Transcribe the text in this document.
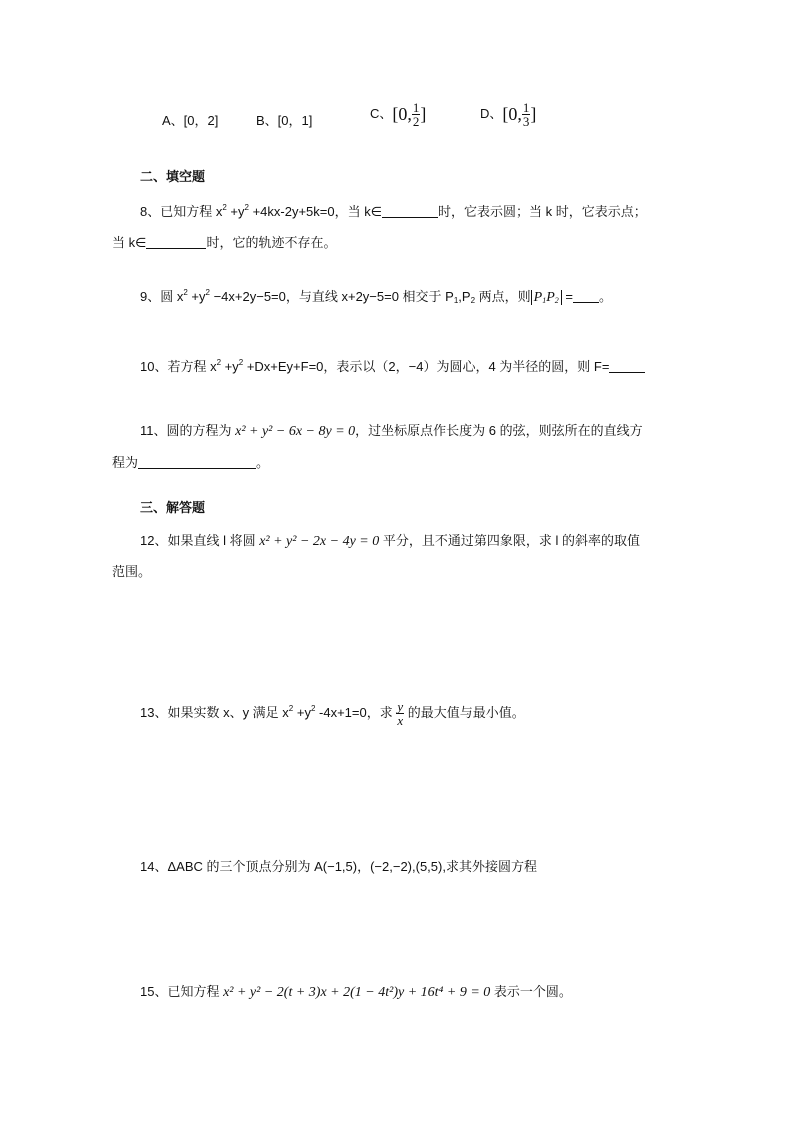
A、[0，2]	B、[0，1]	C、[0, $\frac{1}{2}$ ]	D、[0, $\frac{1}{3}$ ]
二、填空题
8、已知方程 $x^2 +y^2 +4kx-2y+5k=0$，当 k∈	时，它表示圆；当 k 时，它表示点；
当 k∈	时，它的轨迹不存在。
9、圆 $x^2 +y^2 -4x+2y-5=0$，与直线 x+2y−5=0 相交于 $P_1,P_2$ 两点，则 $P_1P_2$ = 。
10、若方程 $x^2 +y^2 +Dx+Ey+F=0$，表示以（2，−4）为圆心，4 为半径的圆，则 F=
11、圆的方程为 x² + y² − 6x − 8y = 0，过坐标原点作长度为 6 的弦，则弦所在的直线方
程为	。
三、解答题
12、如果直线 l 将圆 x² + y² − 2x − 4y = 0 平分，且不通过第四象限，求 l 的斜率的取值
范围。
13、如果实数 x、y 满足 $x^2 +y^2$ -4x+1=0，求 $\frac{y}{x}$ 的最大值与最小值。
14、ΔABC 的三个顶点分别为 A(−1,5)，(−2,−2),(5,5),求其外接圆方程
15、已知方程 x² + y² − 2(t + 3)x + 2(1 − 4t²)y + 16t⁴ + 9 = 0 表示一个圆。
